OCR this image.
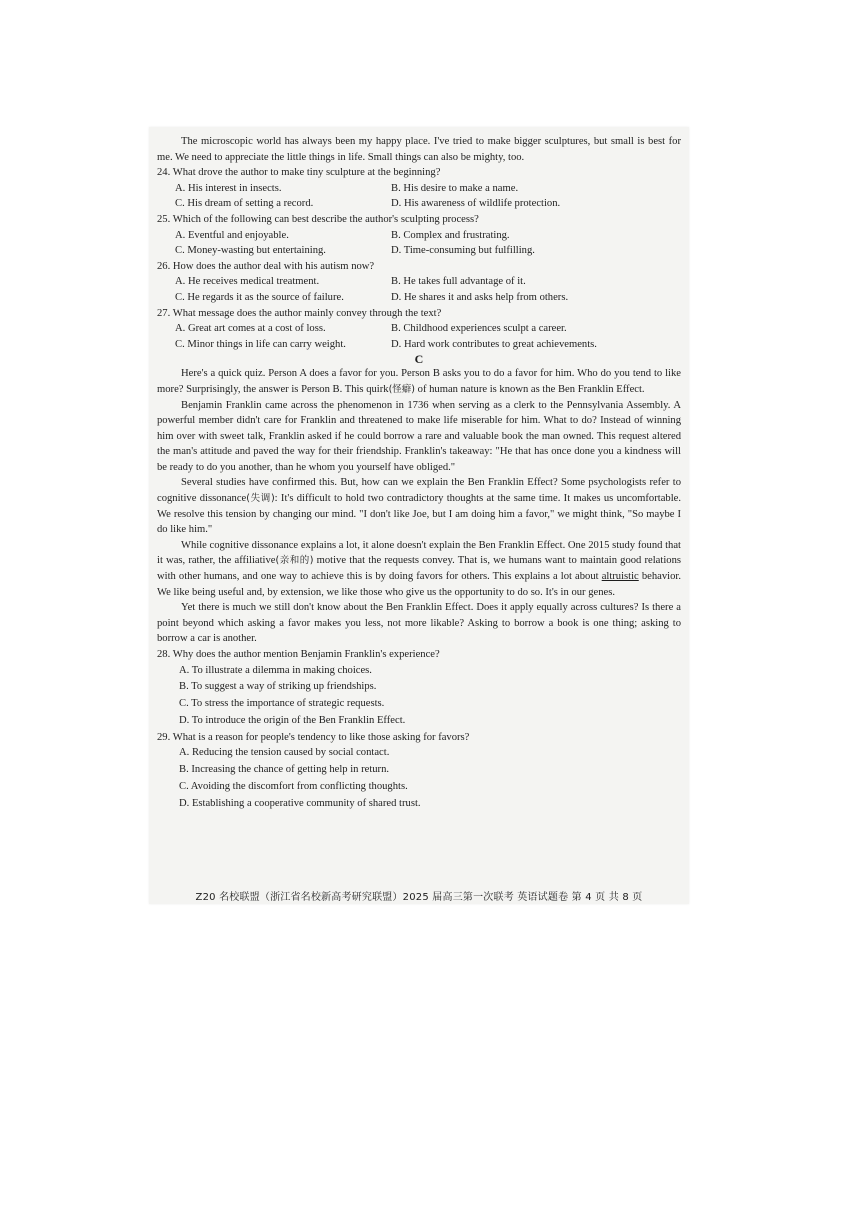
The microscopic world has always been my happy place. I've tried to make bigger sculptures, but small is best for me. We need to appreciate the little things in life. Small things can also be mighty, too.

24. What drove the author to make tiny sculpture at the beginning?
A. His interest in insects.	B. His desire to make a name.
C. His dream of setting a record.	D. His awareness of wildlife protection.
25. Which of the following can best describe the author's sculpting process?
A. Eventful and enjoyable.	B. Complex and frustrating.
C. Money-wasting but entertaining.	D. Time-consuming but fulfilling.
26. How does the author deal with his autism now?
A. He receives medical treatment.	B. He takes full advantage of it.
C. He regards it as the source of failure.	D. He shares it and asks help from others.
27. What message does the author mainly convey through the text?
A. Great art comes at a cost of loss.	B. Childhood experiences sculpt a career.
C. Minor things in life can carry weight.	D. Hard work contributes to great achievements.
C

Here's a quick quiz. Person A does a favor for you. Person B asks you to do a favor for him. Who do you tend to like more? Surprisingly, the answer is Person B. This quirk(怪癖) of human nature is known as the Ben Franklin Effect.

Benjamin Franklin came across the phenomenon in 1736 when serving as a clerk to the Pennsylvania Assembly. A powerful member didn't care for Franklin and threatened to make life miserable for him. What to do? Instead of winning him over with sweet talk, Franklin asked if he could borrow a rare and valuable book the man owned. This request altered the man's attitude and paved the way for their friendship. Franklin's takeaway: "He that has once done you a kindness will be ready to do you another, than he whom you yourself have obliged."

Several studies have confirmed this. But, how can we explain the Ben Franklin Effect? Some psychologists refer to cognitive dissonance(失调): It's difficult to hold two contradictory thoughts at the same time. It makes us uncomfortable. We resolve this tension by changing our mind. "I don't like Joe, but I am doing him a favor," we might think, "So maybe I do like him."

While cognitive dissonance explains a lot, it alone doesn't explain the Ben Franklin Effect. One 2015 study found that it was, rather, the affiliative(亲和的) motive that the requests convey. That is, we humans want to maintain good relations with other humans, and one way to achieve this is by doing favors for others. This explains a lot about altruistic behavior. We like being useful and, by extension, we like those who give us the opportunity to do so. It's in our genes.

Yet there is much we still don't know about the Ben Franklin Effect. Does it apply equally across cultures? Is there a point beyond which asking a favor makes you less, not more likable? Asking to borrow a book is one thing; asking to borrow a car is another.

28. Why does the author mention Benjamin Franklin's experience?
A. To illustrate a dilemma in making choices.
B. To suggest a way of striking up friendships.
C. To stress the importance of strategic requests.
D. To introduce the origin of the Ben Franklin Effect.
29. What is a reason for people's tendency to like those asking for favors?
A. Reducing the tension caused by social contact.
B. Increasing the chance of getting help in return.
C. Avoiding the discomfort from conflicting thoughts.
D. Establishing a cooperative community of shared trust.
Z20 名校联盟（浙江省名校新高考研究联盟）2025 届高三第一次联考 英语试题卷 第 4 页 共 8 页
